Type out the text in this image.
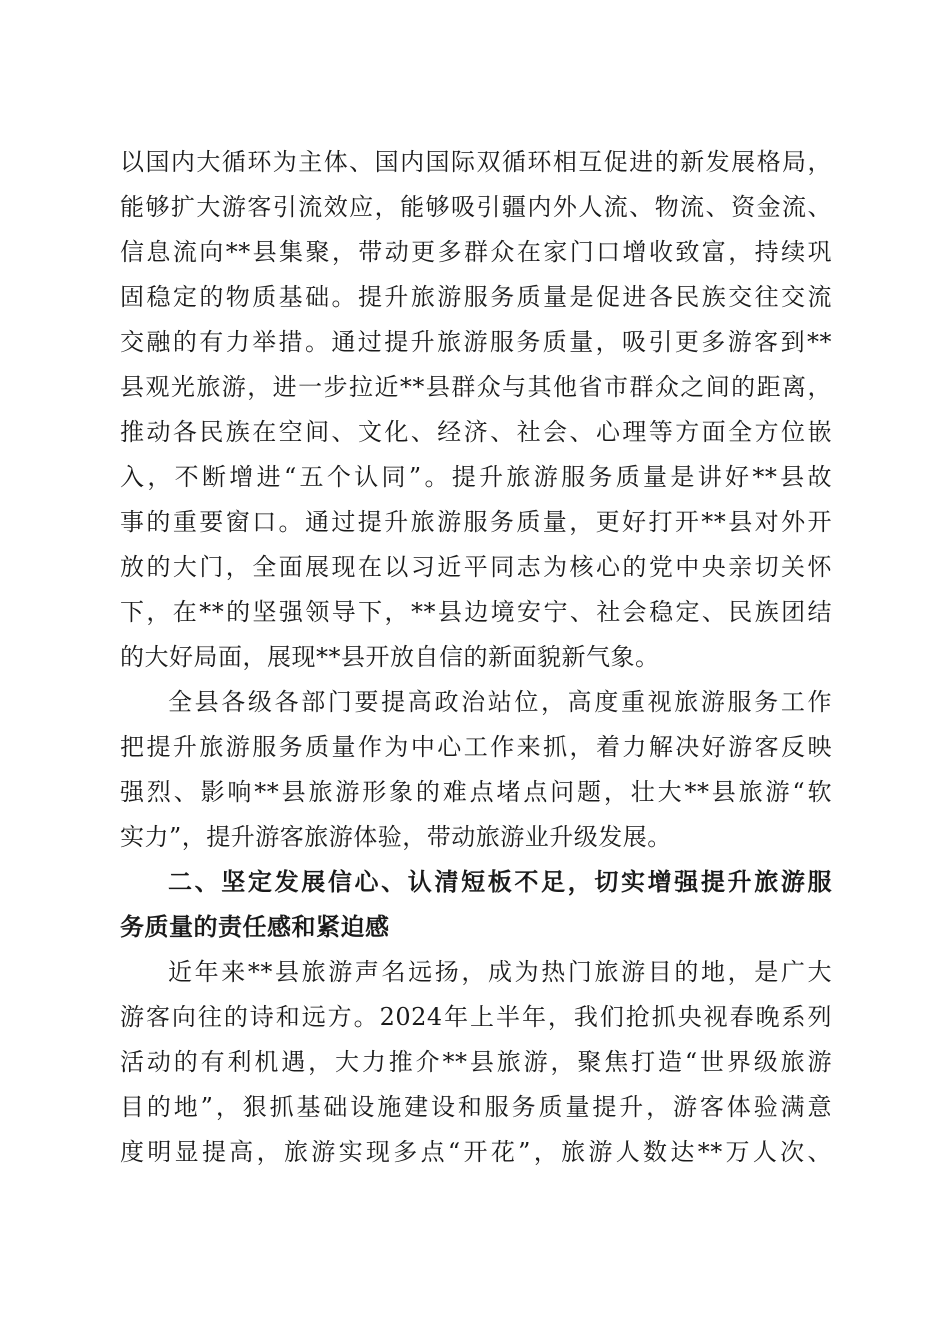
以国内大循环为主体、国内国际双循环相互促进的新发展格局，
能够扩大游客引流效应，能够吸引疆内外人流、物流、资金流、
信息流向**县集聚，带动更多群众在家门口增收致富，持续巩
固稳定的物质基础。提升旅游服务质量是促进各民族交往交流
交融的有力举措。通过提升旅游服务质量，吸引更多游客到**
县观光旅游，进一步拉近**县群众与其他省市群众之间的距离，
推动各民族在空间、文化、经济、社会、心理等方面全方位嵌
入，不断增进“五个认同”。提升旅游服务质量是讲好**县故
事的重要窗口。通过提升旅游服务质量，更好打开**县对外开
放的大门，全面展现在以习近平同志为核心的党中央亲切关怀
下，在**的坚强领导下，**县边境安宁、社会稳定、民族团结
的大好局面，展现**县开放自信的新面貌新气象。
全县各级各部门要提高政治站位，高度重视旅游服务工作
把提升旅游服务质量作为中心工作来抓，着力解决好游客反映
强烈、影响**县旅游形象的难点堵点问题，壮大**县旅游“软
实力”，提升游客旅游体验，带动旅游业升级发展。
二、坚定发展信心、认清短板不足，切实增强提升旅游服
务质量的责任感和紧迫感
近年来**县旅游声名远扬，成为热门旅游目的地，是广大
游客向往的诗和远方。2024年上半年，我们抢抓央视春晚系列
活动的有利机遇，大力推介**县旅游，聚焦打造“世界级旅游
目的地”，狠抓基础设施建设和服务质量提升，游客体验满意
度明显提高，旅游实现多点“开花”，旅游人数达**万人次、
